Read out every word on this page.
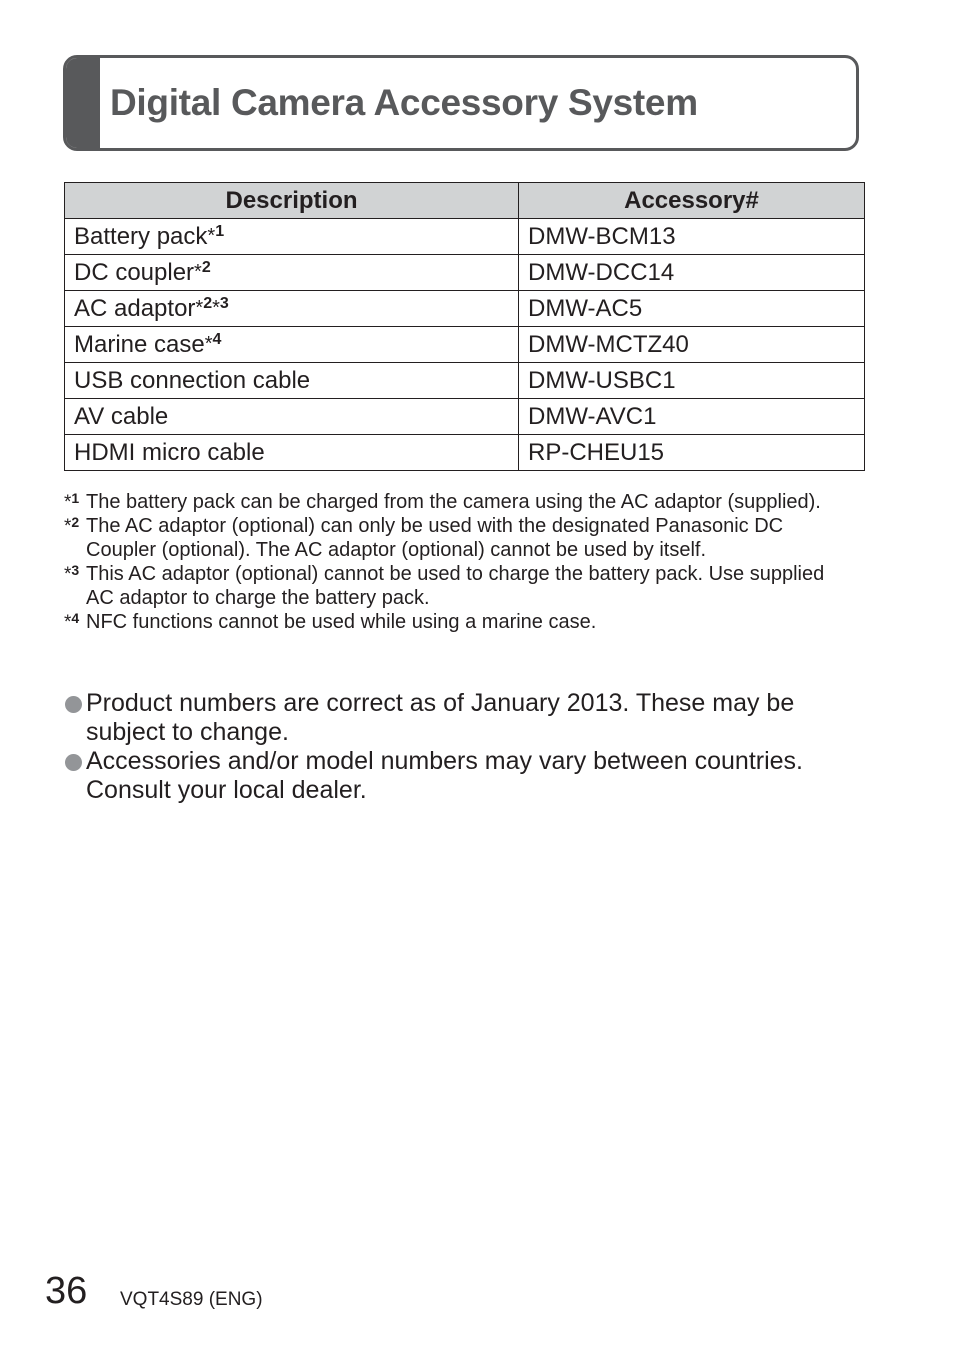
Digital Camera Accessory System
Description	Accessory#
Battery pack$^{*1}$	DMW-BCM13
DC coupler$^{*2}$	DMW-DCC14
AC adaptor$^{*2*3}$	DMW-AC5
Marine case$^{*4}$	DMW-MCTZ40
USB connection cable	DMW-USBC1
AV cable	DMW-AVC1
HDMI micro cable	RP-CHEU15

*1 The battery pack can be charged from the camera using the AC adaptor (supplied).

*2 The AC adaptor (optional) can only be used with the designated Panasonic DC Coupler (optional). The AC adaptor (optional) cannot be used by itself.

*3 This AC adaptor (optional) cannot be used to charge the battery pack. Use supplied AC adaptor to charge the battery pack.

*4 NFC functions cannot be used while using a marine case.

Product numbers are correct as of January 2013. These may be subject to change.

Accessories and/or model numbers may vary between countries. Consult your local dealer.

36 VQT4S89 (ENG)
